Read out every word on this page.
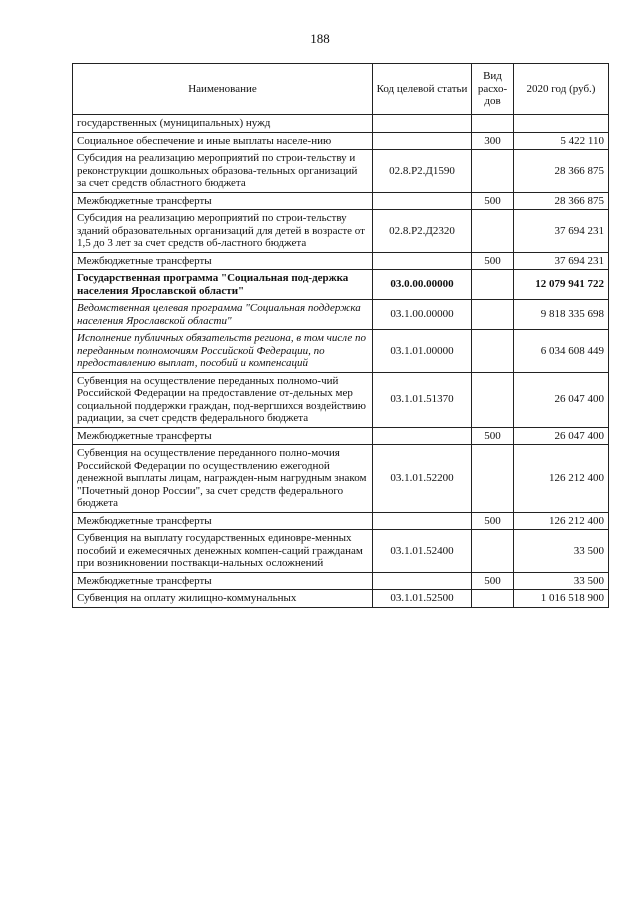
188
Наименование	Код целевой статьи	Вид расхо-дов	2020 год (руб.)
государственных (муниципальных) нужд			
Социальное обеспечение и иные выплаты населе-нию		300	5 422 110
Субсидия на реализацию мероприятий по строи-тельству и реконструкции дошкольных образова-тельных организаций за счет средств областного бюджета	02.8.P2.Д1590		28 366 875
Межбюджетные трансферты		500	28 366 875
Субсидия на реализацию мероприятий по строи-тельству зданий образовательных организаций для детей в возрасте от 1,5 до 3 лет за счет средств об-ластного бюджета	02.8.P2.Д2320		37 694 231
Межбюджетные трансферты		500	37 694 231
Государственная программа "Социальная под-держка населения Ярославской области"	03.0.00.00000		12 079 941 722
Ведомственная целевая программа "Социальная поддержка населения Ярославской области"	03.1.00.00000		9 818 335 698
Исполнение публичных обязательств региона, в том числе по переданным полномочиям Российской Федерации, по предоставлению выплат, пособий и компенсаций	03.1.01.00000		6 034 608 449
Субвенция на осуществление переданных полномо-чий Российской Федерации на предоставление от-дельных мер социальной поддержки граждан, под-вергшихся воздействию радиации, за счет средств федерального бюджета	03.1.01.51370		26 047 400
Межбюджетные трансферты		500	26 047 400
Субвенция на осуществление переданного полно-мочия Российской Федерации по осуществлению ежегодной денежной выплаты лицам, награжден-ным нагрудным знаком "Почетный донор России", за счет средств федерального бюджета	03.1.01.52200		126 212 400
Межбюджетные трансферты		500	126 212 400
Субвенция на выплату государственных единовре-менных пособий и ежемесячных денежных компен-саций гражданам при возникновении поствакци-нальных осложнений	03.1.01.52400		33 500
Межбюджетные трансферты		500	33 500
Субвенция на оплату жилищно-коммунальных	03.1.01.52500		1 016 518 900
